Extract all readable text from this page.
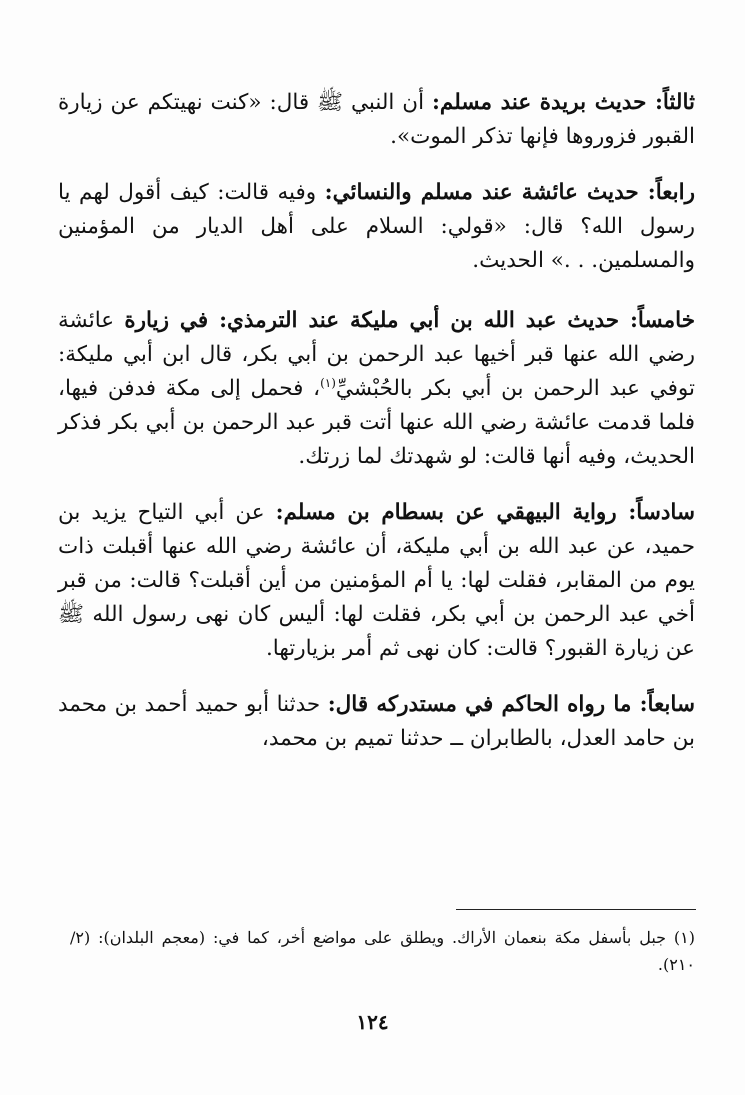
ثالثاً: حديث بريدة عند مسلم: أن النبي ﷺ قال: «كنت نهيتكم عن زيارة القبور فزوروها فإنها تذكر الموت».

رابعاً: حديث عائشة عند مسلم والنسائي: وفيه قالت: كيف أقول لهم يا رسول الله؟ قال: «قولي: السلام على أهل الديار من المؤمنين والمسلمين. . .» الحديث.

خامساً: حديث عبد الله بن أبي مليكة عند الترمذي: في زيارة عائشة رضي الله عنها قبر أخيها عبد الرحمن بن أبي بكر، قال ابن أبي مليكة: توفي عبد الرحمن بن أبي بكر بالحُبْشيِّ$^{(١)}$، فحمل إلى مكة فدفن فيها، فلما قدمت عائشة رضي الله عنها أتت قبر عبد الرحمن بن أبي بكر فذكر الحديث، وفيه أنها قالت: لو شهدتك لما زرتك.

سادساً: رواية البيهقي عن بسطام بن مسلم: عن أبي التياح يزيد بن حميد، عن عبد الله بن أبي مليكة، أن عائشة رضي الله عنها أقبلت ذات يوم من المقابر، فقلت لها: يا أم المؤمنين من أين أقبلت؟ قالت: من قبر أخي عبد الرحمن بن أبي بكر، فقلت لها: أليس كان نهى رسول الله ﷺ عن زيارة القبور؟ قالت: كان نهى ثم أمر بزيارتها.

سابعاً: ما رواه الحاكم في مستدركه قال: حدثنا أبو حميد أحمد بن محمد بن حامد العدل، بالطابران ــ حدثنا تميم بن محمد،

(١) جبل بأسفل مكة بنعمان الأراك. ويطلق على مواضع أخر، كما في: (معجم البلدان): (٢/ ٢١٠).
١٢٤
